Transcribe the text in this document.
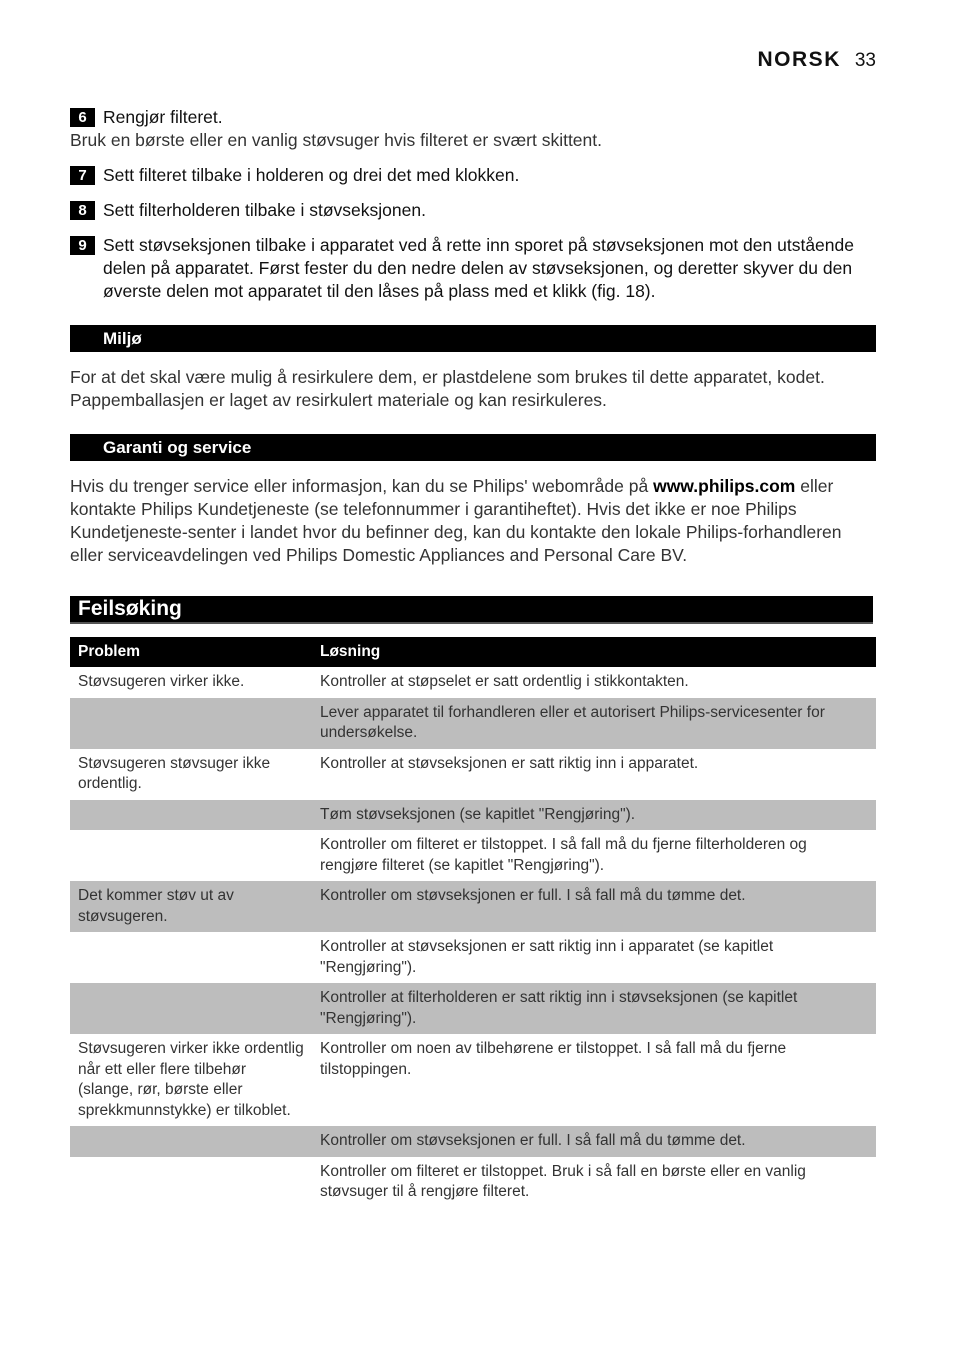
NORSK 33
6 Rengjør filteret.
Bruk en børste eller en vanlig støvsuger hvis filteret er svært skittent.
7 Sett filteret tilbake i holderen og drei det med klokken.
8 Sett filterholderen tilbake i støvseksjonen.
9 Sett støvseksjonen tilbake i apparatet ved å rette inn sporet på støvseksjonen mot den utstående delen på apparatet. Først fester du den nedre delen av støvseksjonen, og deretter skyver du den øverste delen mot apparatet til den låses på plass med et klikk (fig. 18).
Miljø
For at det skal være mulig å resirkulere dem, er plastdelene som brukes til dette apparatet, kodet. Pappemballasjen er laget av resirkulert materiale og kan resirkuleres.
Garanti og service
Hvis du trenger service eller informasjon, kan du se Philips' webområde på www.philips.com eller kontakte Philips Kundetjeneste (se telefonnummer i garantiheftet). Hvis det ikke er noe Philips Kundetjeneste-senter i landet hvor du befinner deg, kan du kontakte den lokale Philips-forhandleren eller serviceavdelingen ved Philips Domestic Appliances and Personal Care BV.
Feilsøking
Problem	Løsning
Støvsugeren virker ikke.	Kontroller at støpselet er satt ordentlig i stikkontakten.
	Lever apparatet til forhandleren eller et autorisert Philips-servicesenter for undersøkelse.
Støvsugeren støvsuger ikke ordentlig.	Kontroller at støvseksjonen er satt riktig inn i apparatet.
	Tøm støvseksjonen (se kapitlet "Rengjøring").
	Kontroller om filteret er tilstoppet. I så fall må du fjerne filterholderen og rengjøre filteret (se kapitlet "Rengjøring").
Det kommer støv ut av støvsugeren.	Kontroller om støvseksjonen er full. I så fall må du tømme det.
	Kontroller at støvseksjonen er satt riktig inn i apparatet (se kapitlet "Rengjøring").
	Kontroller at filterholderen er satt riktig inn i støvseksjonen (se kapitlet "Rengjøring").
Støvsugeren virker ikke ordentlig når ett eller flere tilbehør (slange, rør, børste eller sprekkmunnstykke) er tilkoblet.	Kontroller om noen av tilbehørene er tilstoppet. I så fall må du fjerne tilstoppingen.
	Kontroller om støvseksjonen er full. I så fall må du tømme det.
	Kontroller om filteret er tilstoppet. Bruk i så fall en børste eller en vanlig støvsuger til å rengjøre filteret.
